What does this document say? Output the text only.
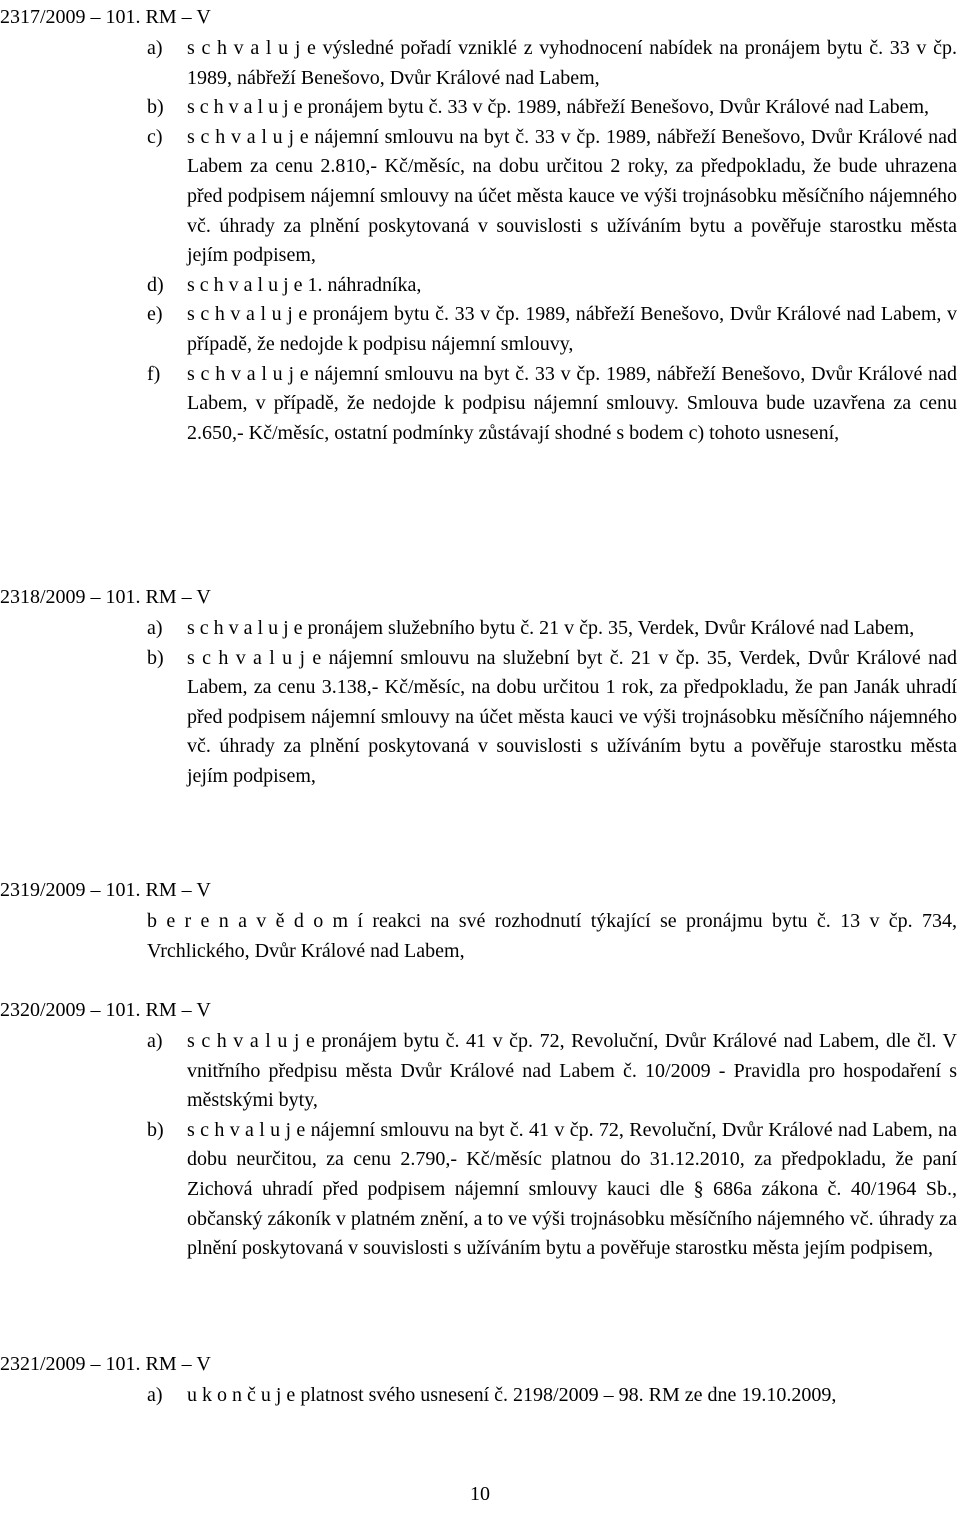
2317/2009 – 101. RM – V
a) s c h v a l u j e výsledné pořadí vzniklé z vyhodnocení nabídek na pronájem bytu č. 33 v čp. 1989, nábřeží Benešovo, Dvůr Králové nad Labem,

b) s c h v a l u j e pronájem bytu č. 33 v čp. 1989, nábřeží Benešovo, Dvůr Králové nad Labem,

c) s c h v a l u j e nájemní smlouvu na byt č. 33 v čp. 1989, nábřeží Benešovo, Dvůr Králové nad Labem za cenu 2.810,- Kč/měsíc, na dobu určitou 2 roky, za předpokladu, že bude uhrazena před podpisem nájemní smlouvy na účet města kauce ve výši trojnásobku měsíčního nájemného vč. úhrady za plnění poskytovaná v souvislosti s užíváním bytu a pověřuje starostku města jejím podpisem,

d) s c h v a l u j e 1. náhradníka,

e) s c h v a l u j e pronájem bytu č. 33 v čp. 1989, nábřeží Benešovo, Dvůr Králové nad Labem, v případě, že nedojde k podpisu nájemní smlouvy,

f) s c h v a l u j e nájemní smlouvu na byt č. 33 v čp. 1989, nábřeží Benešovo, Dvůr Králové nad Labem, v případě, že nedojde k podpisu nájemní smlouvy. Smlouva bude uzavřena za cenu 2.650,- Kč/měsíc, ostatní podmínky zůstávají shodné s bodem c) tohoto usnesení,

2318/2009 – 101. RM – V
a) s c h v a l u j e pronájem služebního bytu č. 21 v čp. 35, Verdek, Dvůr Králové nad Labem,

b) s c h v a l u j e nájemní smlouvu na služební byt č. 21 v čp. 35, Verdek, Dvůr Králové nad Labem, za cenu 3.138,- Kč/měsíc, na dobu určitou 1 rok, za předpokladu, že pan Janák uhradí před podpisem nájemní smlouvy na účet města kauci ve výši trojnásobku měsíčního nájemného vč. úhrady za plnění poskytovaná v souvislosti s užíváním bytu a pověřuje starostku města jejím podpisem,

2319/2009 – 101. RM – V

b e r e n a v ě d o m í reakci na své rozhodnutí týkající se pronájmu bytu č. 13 v čp. 734, Vrchlického, Dvůr Králové nad Labem,

2320/2009 – 101. RM – V
a) s c h v a l u j e pronájem bytu č. 41 v čp. 72, Revoluční, Dvůr Králové nad Labem, dle čl. V vnitřního předpisu města Dvůr Králové nad Labem č. 10/2009 - Pravidla pro hospodaření s městskými byty,

b) s c h v a l u j e nájemní smlouvu na byt č. 41 v čp. 72, Revoluční, Dvůr Králové nad Labem, na dobu neurčitou, za cenu 2.790,- Kč/měsíc platnou do 31.12.2010, za předpokladu, že paní Zichová uhradí před podpisem nájemní smlouvy kauci dle § 686a zákona č. 40/1964 Sb., občanský zákoník v platném znění, a to ve výši trojnásobku měsíčního nájemného vč. úhrady za plnění poskytovaná v souvislosti s užíváním bytu a pověřuje starostku města jejím podpisem,

2321/2009 – 101. RM – V
a) u k o n č u j e platnost svého usnesení č. 2198/2009 – 98. RM ze dne 19.10.2009,

10
